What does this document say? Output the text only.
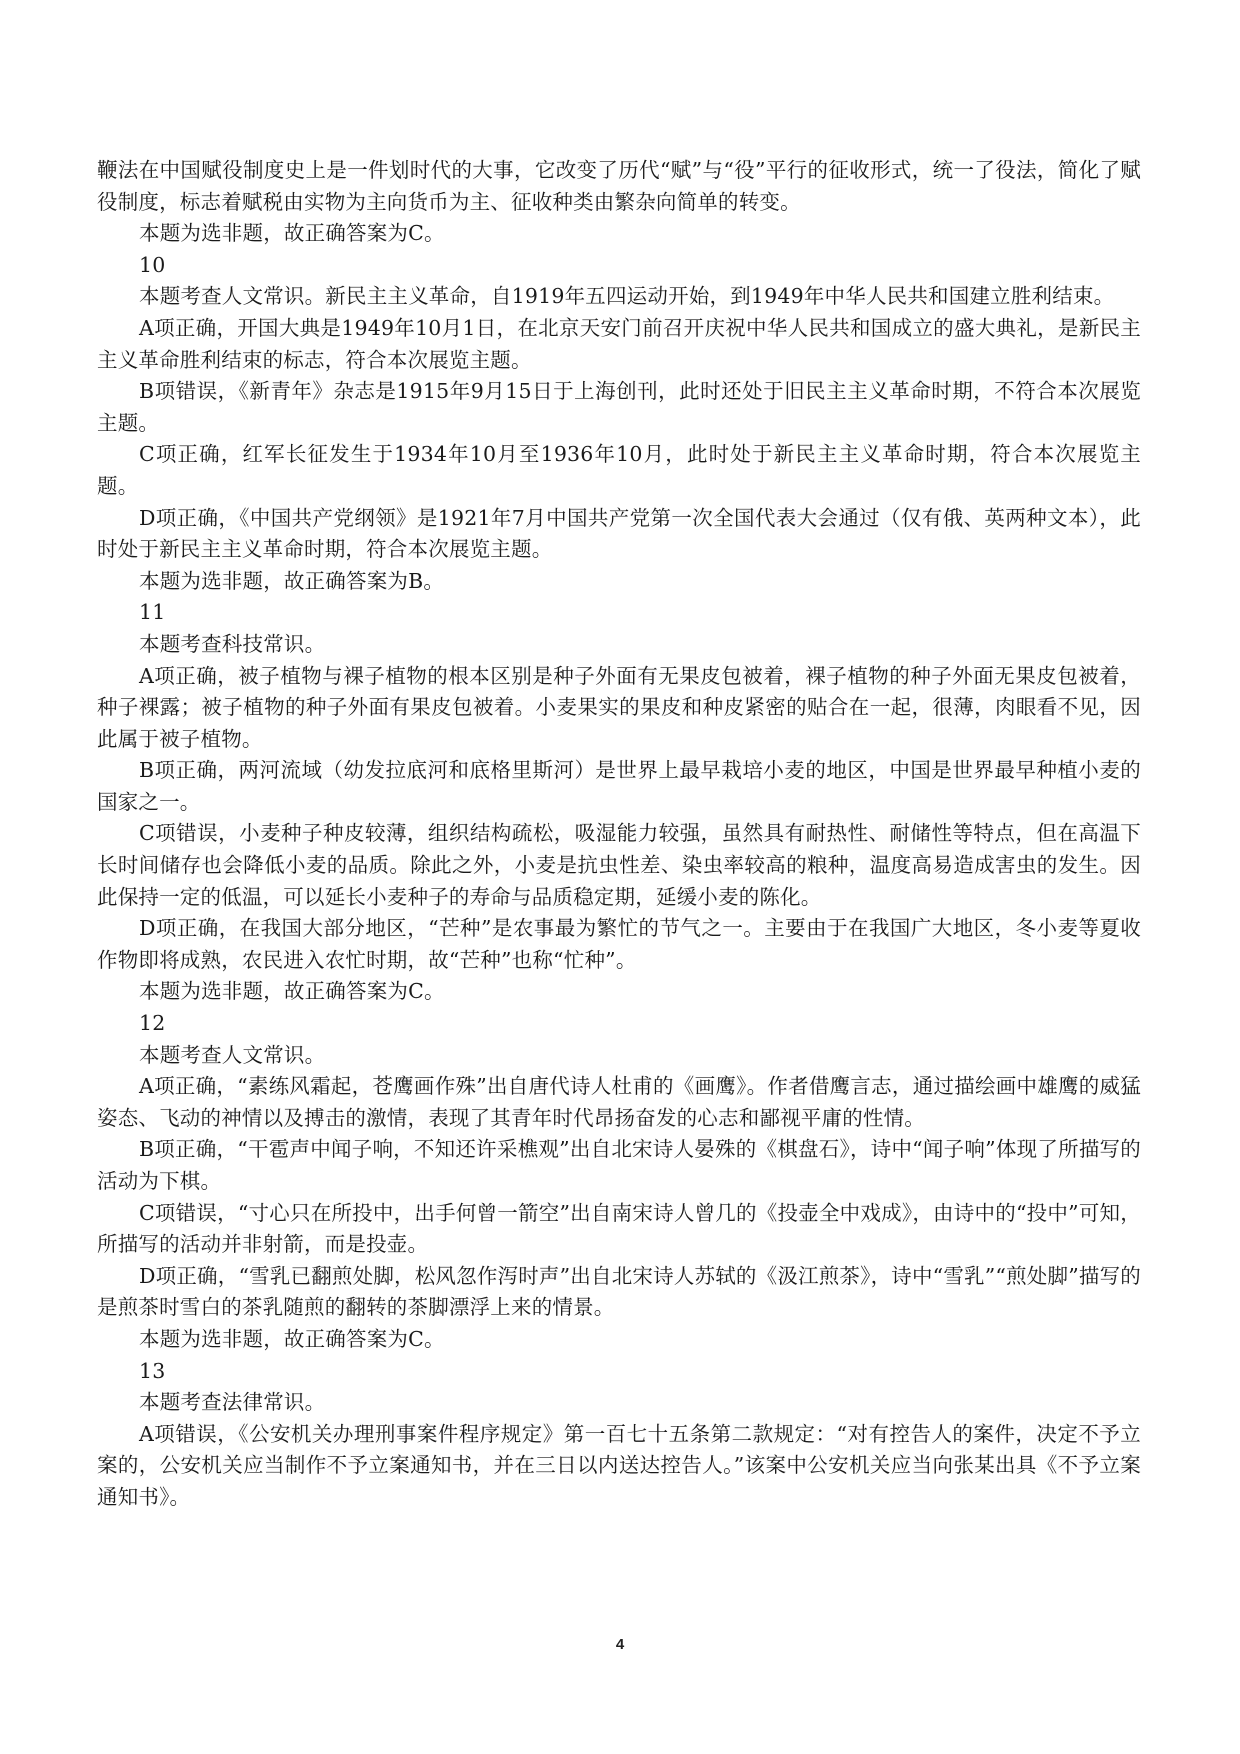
鞭法在中国赋役制度史上是一件划时代的大事，它改变了历代“赋”与“役”平行的征收形式，统一了役法，简化了赋役制度，标志着赋税由实物为主向货币为主、征收种类由繁杂向简单的转变。

本题为选非题，故正确答案为C。

10

本题考查人文常识。新民主主义革命，自1919年五四运动开始，到1949年中华人民共和国建立胜利结束。

A项正确，开国大典是1949年10月1日，在北京天安门前召开庆祝中华人民共和国成立的盛大典礼，是新民主主义革命胜利结束的标志，符合本次展览主题。

B项错误，《新青年》杂志是1915年9月15日于上海创刊，此时还处于旧民主主义革命时期，不符合本次展览主题。

C项正确，红军长征发生于1934年10月至1936年10月，此时处于新民主主义革命时期，符合本次展览主题。

D项正确，《中国共产党纲领》是1921年7月中国共产党第一次全国代表大会通过（仅有俄、英两种文本），此时处于新民主主义革命时期，符合本次展览主题。

本题为选非题，故正确答案为B。

11

本题考查科技常识。

A项正确，被子植物与裸子植物的根本区别是种子外面有无果皮包被着，裸子植物的种子外面无果皮包被着，种子裸露；被子植物的种子外面有果皮包被着。小麦果实的果皮和种皮紧密的贴合在一起，很薄，肉眼看不见，因此属于被子植物。

B项正确，两河流域（幼发拉底河和底格里斯河）是世界上最早栽培小麦的地区，中国是世界最早种植小麦的国家之一。

C项错误，小麦种子种皮较薄，组织结构疏松，吸湿能力较强，虽然具有耐热性、耐储性等特点，但在高温下长时间储存也会降低小麦的品质。除此之外，小麦是抗虫性差、染虫率较高的粮种，温度高易造成害虫的发生。因此保持一定的低温，可以延长小麦种子的寿命与品质稳定期，延缓小麦的陈化。

D项正确，在我国大部分地区，“芒种”是农事最为繁忙的节气之一。主要由于在我国广大地区，冬小麦等夏收作物即将成熟，农民进入农忙时期，故“芒种”也称“忙种”。

本题为选非题，故正确答案为C。

12

本题考查人文常识。

A项正确，“素练风霜起，苍鹰画作殊”出自唐代诗人杜甫的《画鹰》。作者借鹰言志，通过描绘画中雄鹰的威猛姿态、飞动的神情以及搏击的激情，表现了其青年时代昂扬奋发的心志和鄙视平庸的性情。

B项正确，“干雹声中闻子响，不知还许采樵观”出自北宋诗人晏殊的《棋盘石》，诗中“闻子响”体现了所描写的活动为下棋。

C项错误，“寸心只在所投中，出手何曾一箭空”出自南宋诗人曾几的《投壶全中戏成》，由诗中的“投中”可知，所描写的活动并非射箭，而是投壶。

D项正确，“雪乳已翻煎处脚，松风忽作泻时声”出自北宋诗人苏轼的《汲江煎茶》，诗中“雪乳”“煎处脚”描写的是煎茶时雪白的茶乳随煎的翻转的茶脚漂浮上来的情景。

本题为选非题，故正确答案为C。

13

本题考查法律常识。

A项错误，《公安机关办理刑事案件程序规定》第一百七十五条第二款规定：“对有控告人的案件，决定不予立案的，公安机关应当制作不予立案通知书，并在三日以内送达控告人。”该案中公安机关应当向张某出具《不予立案通知书》。

4
